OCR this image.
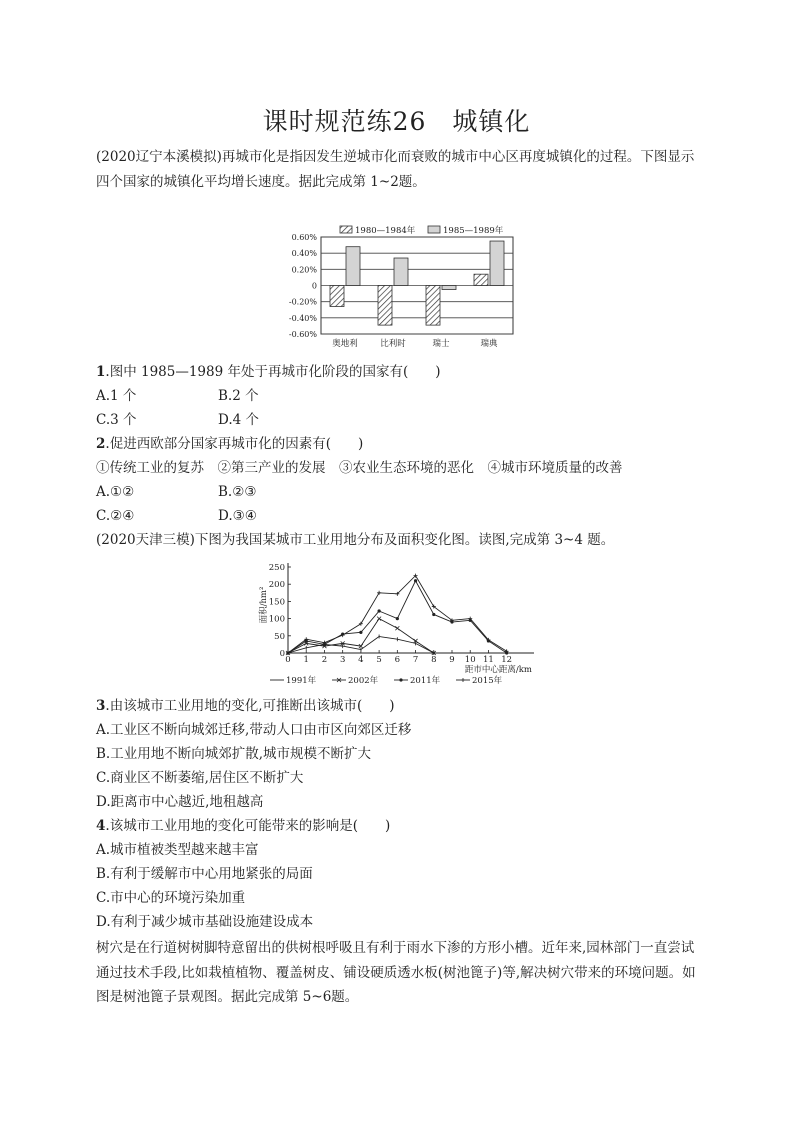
课时规范练26　城镇化
(2020辽宁本溪模拟)再城市化是指因发生逆城市化而衰败的城市中心区再度城镇化的过程。下图显示四个国家的城镇化平均增长速度。据此完成第 1~2题。
0.60%
0.40%
0.20%
0
-0.20%
-0.40%
-0.60%
奥地利	比利时	瑞士	瑞典
1980—1984年	1985—1989年
1.图中 1985—1989 年处于再城市化阶段的国家有(　　)
A.1 个	B.2 个
C.3 个	D.4 个
2.促进西欧部分国家再城市化的因素有(　　)
①传统工业的复苏　②第三产业的发展　③农业生态环境的恶化　④城市环境质量的改善
A.①②	B.②③
C.②④	D.③④
(2020天津三模)下图为我国某城市工业用地分布及面积变化图。读图,完成第 3~4 题。
0
50
100
150
200
250
0 1 2 3 4 5 6 7 8 9 10 11 12
面积/hm²
距市中心距离/km
1991年	2002年	2011年	2015年
3.由该城市工业用地的变化,可推断出该城市(　　)
A.工业区不断向城郊迁移,带动人口由市区向郊区迁移
B.工业用地不断向城郊扩散,城市规模不断扩大
C.商业区不断萎缩,居住区不断扩大
D.距离市中心越近,地租越高
4.该城市工业用地的变化可能带来的影响是(　　)
A.城市植被类型越来越丰富
B.有利于缓解市中心用地紧张的局面
C.市中心的环境污染加重
D.有利于减少城市基础设施建设成本
树穴是在行道树树脚特意留出的供树根呼吸且有利于雨水下渗的方形小槽。近年来,园林部门一直尝试通过技术手段,比如栽植植物、覆盖树皮、铺设硬质透水板(树池篦子)等,解决树穴带来的环境问题。如图是树池篦子景观图。据此完成第 5~6题。
